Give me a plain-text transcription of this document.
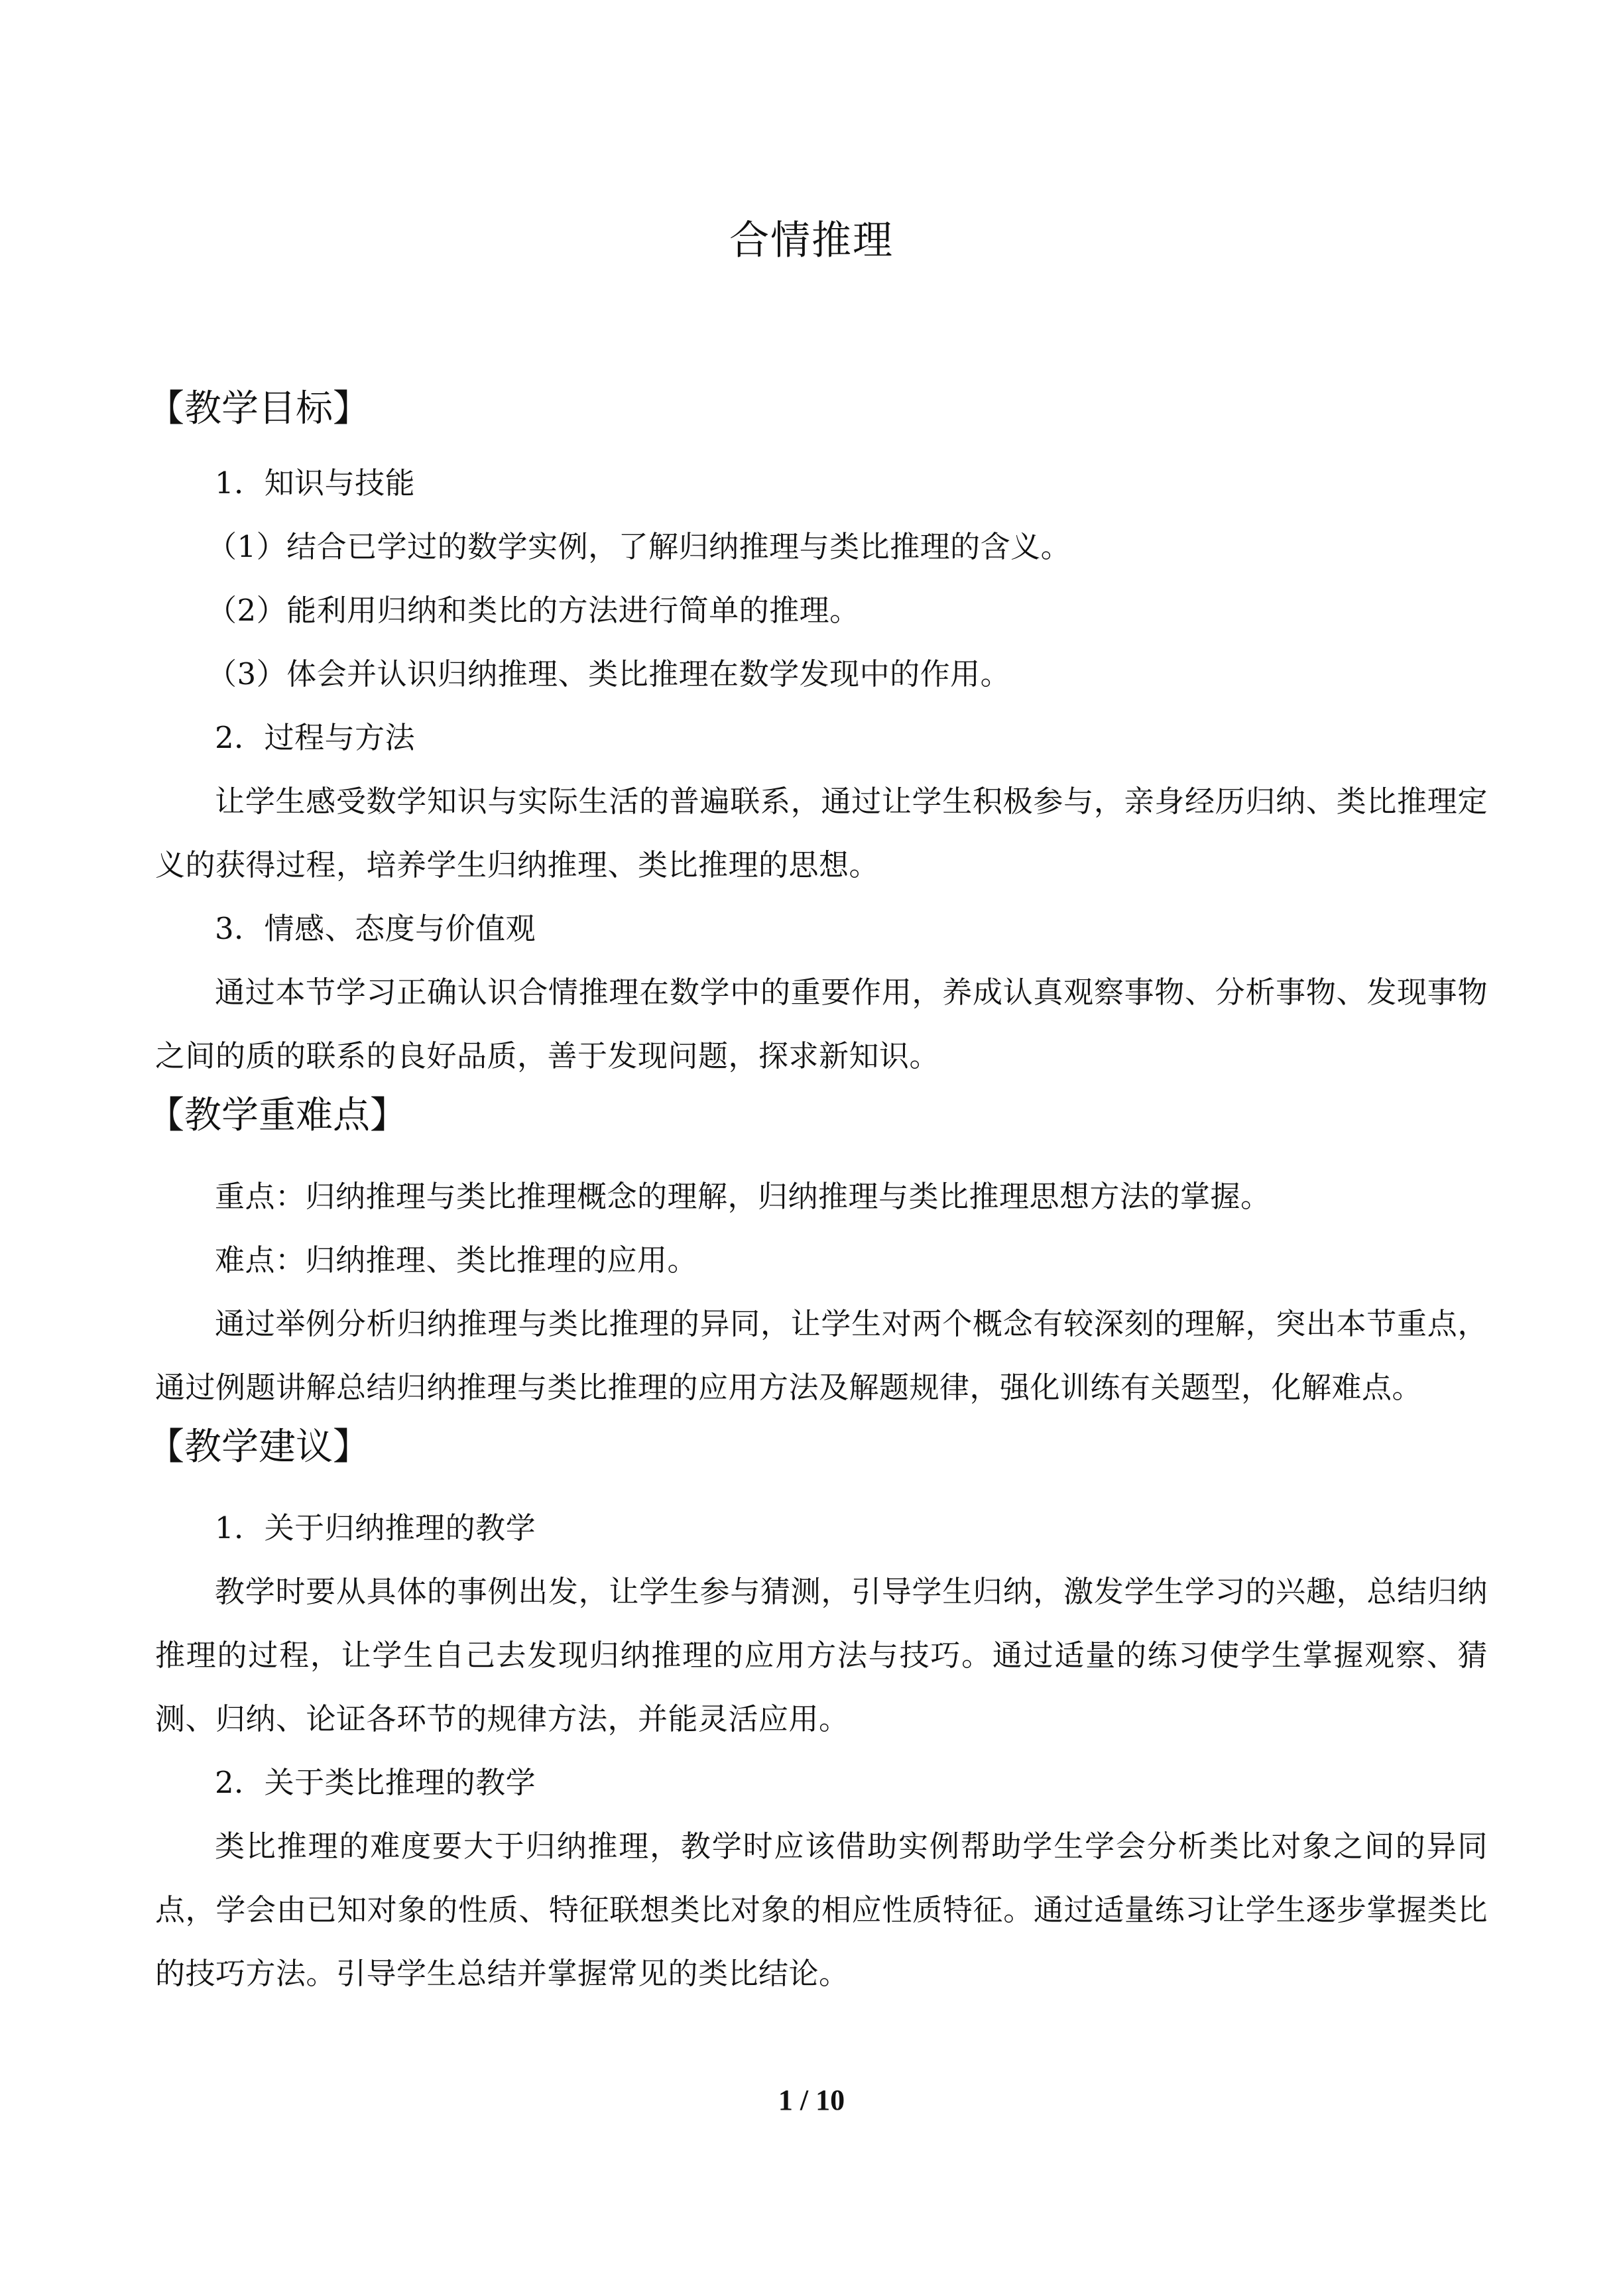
合情推理
【教学目标】

1．知识与技能

（1）结合已学过的数学实例，了解归纳推理与类比推理的含义。

（2）能利用归纳和类比的方法进行简单的推理。

（3）体会并认识归纳推理、类比推理在数学发现中的作用。

2．过程与方法

让学生感受数学知识与实际生活的普遍联系，通过让学生积极参与，亲身经历归纳、类比推理定义的获得过程，培养学生归纳推理、类比推理的思想。

3．情感、态度与价值观

通过本节学习正确认识合情推理在数学中的重要作用，养成认真观察事物、分析事物、发现事物之间的质的联系的良好品质，善于发现问题，探求新知识。

【教学重难点】

重点：归纳推理与类比推理概念的理解，归纳推理与类比推理思想方法的掌握。

难点：归纳推理、类比推理的应用。

通过举例分析归纳推理与类比推理的异同，让学生对两个概念有较深刻的理解，突出本节重点，通过例题讲解总结归纳推理与类比推理的应用方法及解题规律，强化训练有关题型，化解难点。

【教学建议】

1．关于归纳推理的教学

教学时要从具体的事例出发，让学生参与猜测，引导学生归纳，激发学生学习的兴趣，总结归纳推理的过程，让学生自己去发现归纳推理的应用方法与技巧。通过适量的练习使学生掌握观察、猜测、归纳、论证各环节的规律方法，并能灵活应用。

2．关于类比推理的教学

类比推理的难度要大于归纳推理，教学时应该借助实例帮助学生学会分析类比对象之间的异同点，学会由已知对象的性质、特征联想类比对象的相应性质特征。通过适量练习让学生逐步掌握类比的技巧方法。引导学生总结并掌握常见的类比结论。

1 / 10
